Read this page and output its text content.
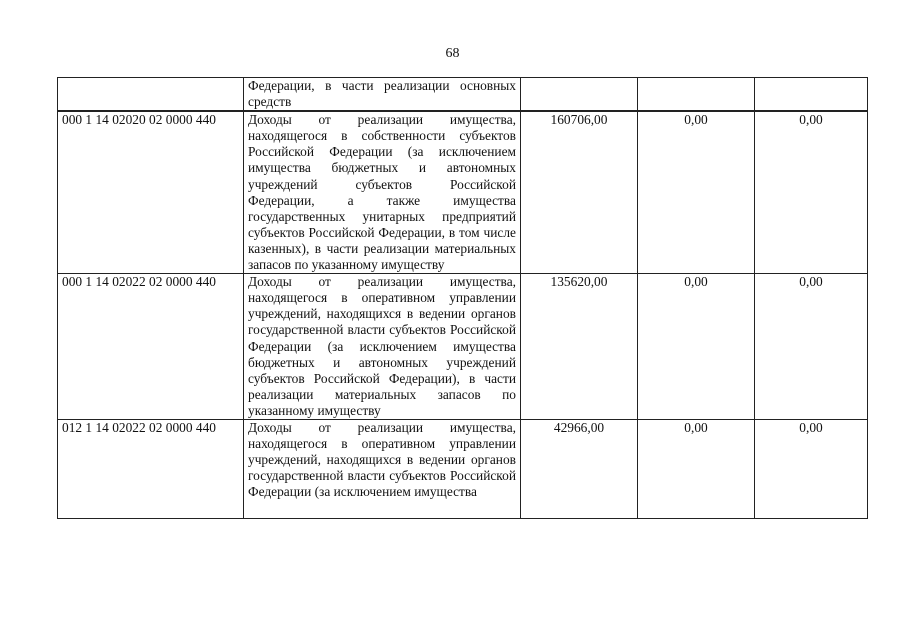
68
	Федерации, в части реализации основных средств			
000 1 14 02020 02 0000 440	Доходы от реализации имущества, находящегося в собственности субъектов Российской Федерации (за исключением имущества бюджетных и автономных учреждений субъектов Российской Федерации, а также имущества государственных унитарных предприятий субъектов Российской Федерации, в том числе казенных), в части реализации материальных запасов по указанному имуществу	160706,00	0,00	0,00
000 1 14 02022 02 0000 440	Доходы от реализации имущества, находящегося в оперативном управлении учреждений, находящихся в ведении органов государственной власти субъектов Российской Федерации (за исключением имущества бюджетных и автономных учреждений субъектов Российской Федерации), в части реализации материальных запасов по указанному имуществу	135620,00	0,00	0,00
012 1 14 02022 02 0000 440	Доходы от реализации имущества, находящегося в оперативном управлении учреждений, находящихся в ведении органов государственной власти субъектов Российской Федерации (за исключением имущества	42966,00	0,00	0,00
